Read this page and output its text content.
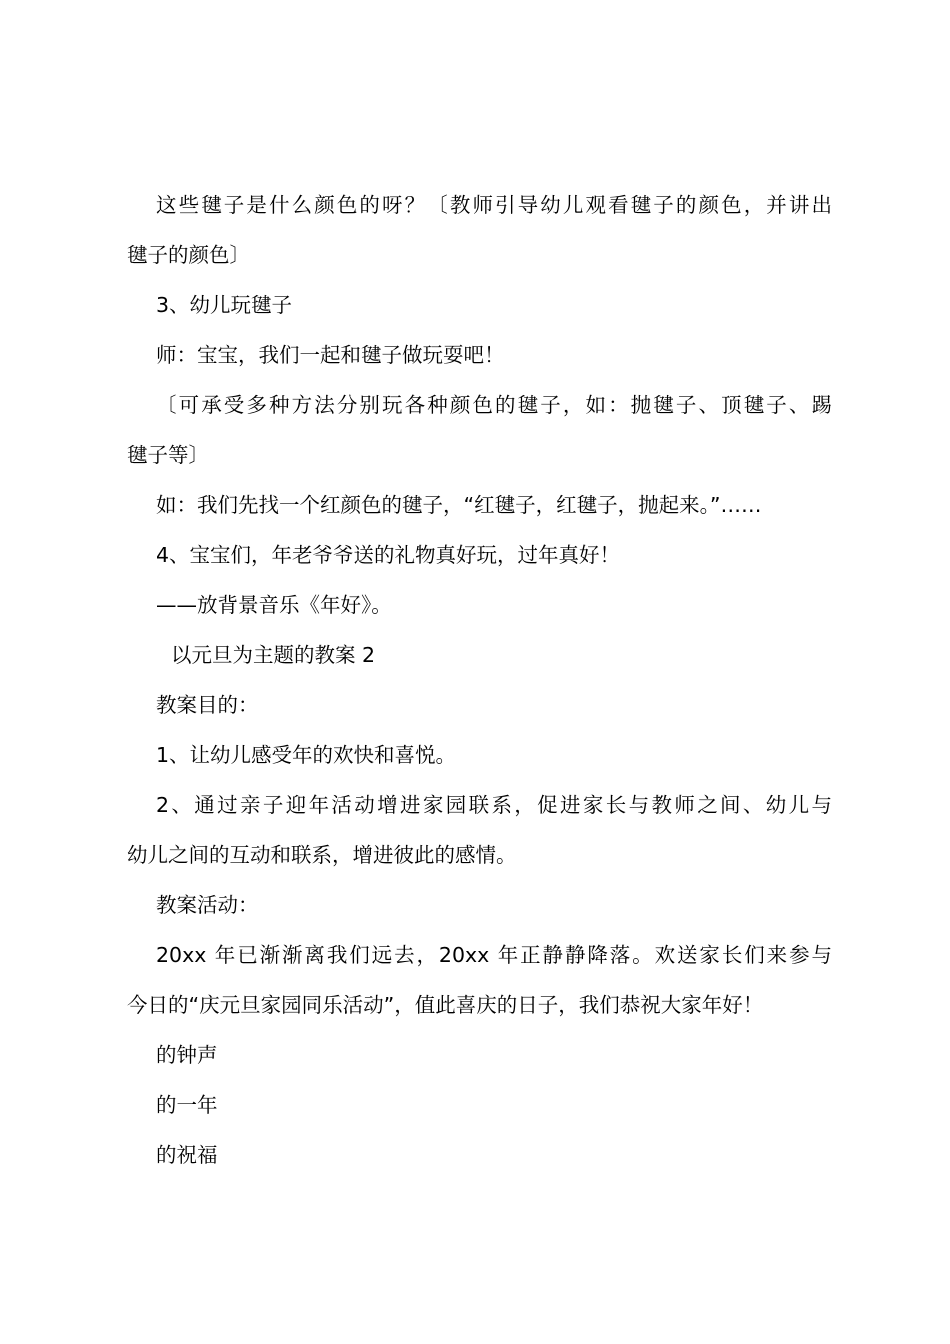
这些毽子是什么颜色的呀？〔教师引导幼儿观看毽子的颜色，并讲出
毽子的颜色〕
3、幼儿玩毽子
师：宝宝，我们一起和毽子做玩耍吧！
〔可承受多种方法分别玩各种颜色的毽子，如：抛毽子、顶毽子、踢
毽子等〕
如：我们先找一个红颜色的毽子，“红毽子，红毽子，抛起来。”……
4、宝宝们，年老爷爷送的礼物真好玩，过年真好！
——放背景音乐《年好》。
以元旦为主题的教案 2
教案目的：
1、让幼儿感受年的欢快和喜悦。
2、通过亲子迎年活动增进家园联系，促进家长与教师之间、幼儿与
幼儿之间的互动和联系，增进彼此的感情。
教案活动：
20xx 年已渐渐离我们远去，20xx 年正静静降落。欢送家长们来参与
今日的“庆元旦家园同乐活动”，值此喜庆的日子，我们恭祝大家年好！
的钟声
的一年
的祝福
